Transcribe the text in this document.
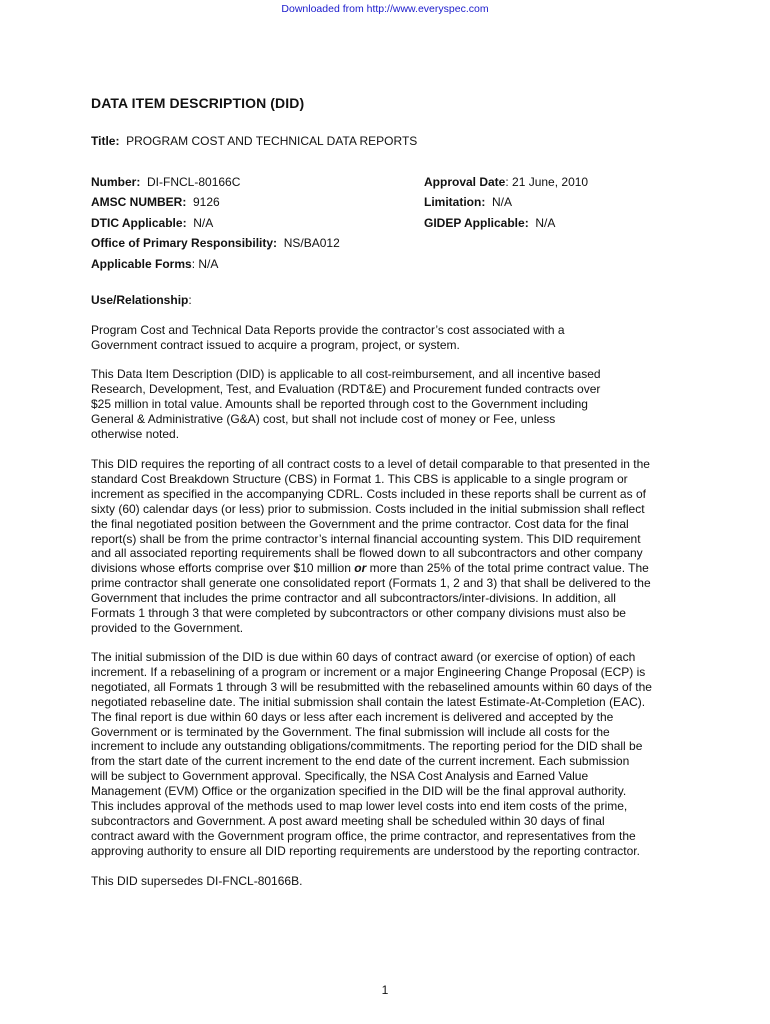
Downloaded from http://www.everyspec.com
DATA ITEM DESCRIPTION (DID)
Title: PROGRAM COST AND TECHNICAL DATA REPORTS
Number: DI-FNCL-80166C
AMSC NUMBER: 9126
DTIC Applicable: N/A
Office of Primary Responsibility: NS/BA012
Applicable Forms: N/A
Approval Date: 21 June, 2010
Limitation: N/A
GIDEP Applicable: N/A
Use/Relationship:
Program Cost and Technical Data Reports provide the contractor’s cost associated with a
Government contract issued to acquire a program, project, or system.
This Data Item Description (DID) is applicable to all cost-reimbursement, and all incentive based
Research, Development, Test, and Evaluation (RDT&E) and Procurement funded contracts over
$25 million in total value. Amounts shall be reported through cost to the Government including
General & Administrative (G&A) cost, but shall not include cost of money or Fee, unless
otherwise noted.
This DID requires the reporting of all contract costs to a level of detail comparable to that presented in the
standard Cost Breakdown Structure (CBS) in Format 1. This CBS is applicable to a single program or
increment as specified in the accompanying CDRL. Costs included in these reports shall be current as of
sixty (60) calendar days (or less) prior to submission. Costs included in the initial submission shall reflect
the final negotiated position between the Government and the prime contractor. Cost data for the final
report(s) shall be from the prime contractor’s internal financial accounting system. This DID requirement
and all associated reporting requirements shall be flowed down to all subcontractors and other company
divisions whose efforts comprise over $10 million or more than 25% of the total prime contract value. The
prime contractor shall generate one consolidated report (Formats 1, 2 and 3) that shall be delivered to the
Government that includes the prime contractor and all subcontractors/inter-divisions. In addition, all
Formats 1 through 3 that were completed by subcontractors or other company divisions must also be
provided to the Government.
The initial submission of the DID is due within 60 days of contract award (or exercise of option) of each
increment. If a rebaselining of a program or increment or a major Engineering Change Proposal (ECP) is
negotiated, all Formats 1 through 3 will be resubmitted with the rebaselined amounts within 60 days of the
negotiated rebaseline date. The initial submission shall contain the latest Estimate-At-Completion (EAC).
The final report is due within 60 days or less after each increment is delivered and accepted by the
Government or is terminated by the Government. The final submission will include all costs for the
increment to include any outstanding obligations/commitments. The reporting period for the DID shall be
from the start date of the current increment to the end date of the current increment. Each submission
will be subject to Government approval. Specifically, the NSA Cost Analysis and Earned Value
Management (EVM) Office or the organization specified in the DID will be the final approval authority.
This includes approval of the methods used to map lower level costs into end item costs of the prime,
subcontractors and Government. A post award meeting shall be scheduled within 30 days of final
contract award with the Government program office, the prime contractor, and representatives from the
approving authority to ensure all DID reporting requirements are understood by the reporting contractor.
This DID supersedes DI-FNCL-80166B.
1
